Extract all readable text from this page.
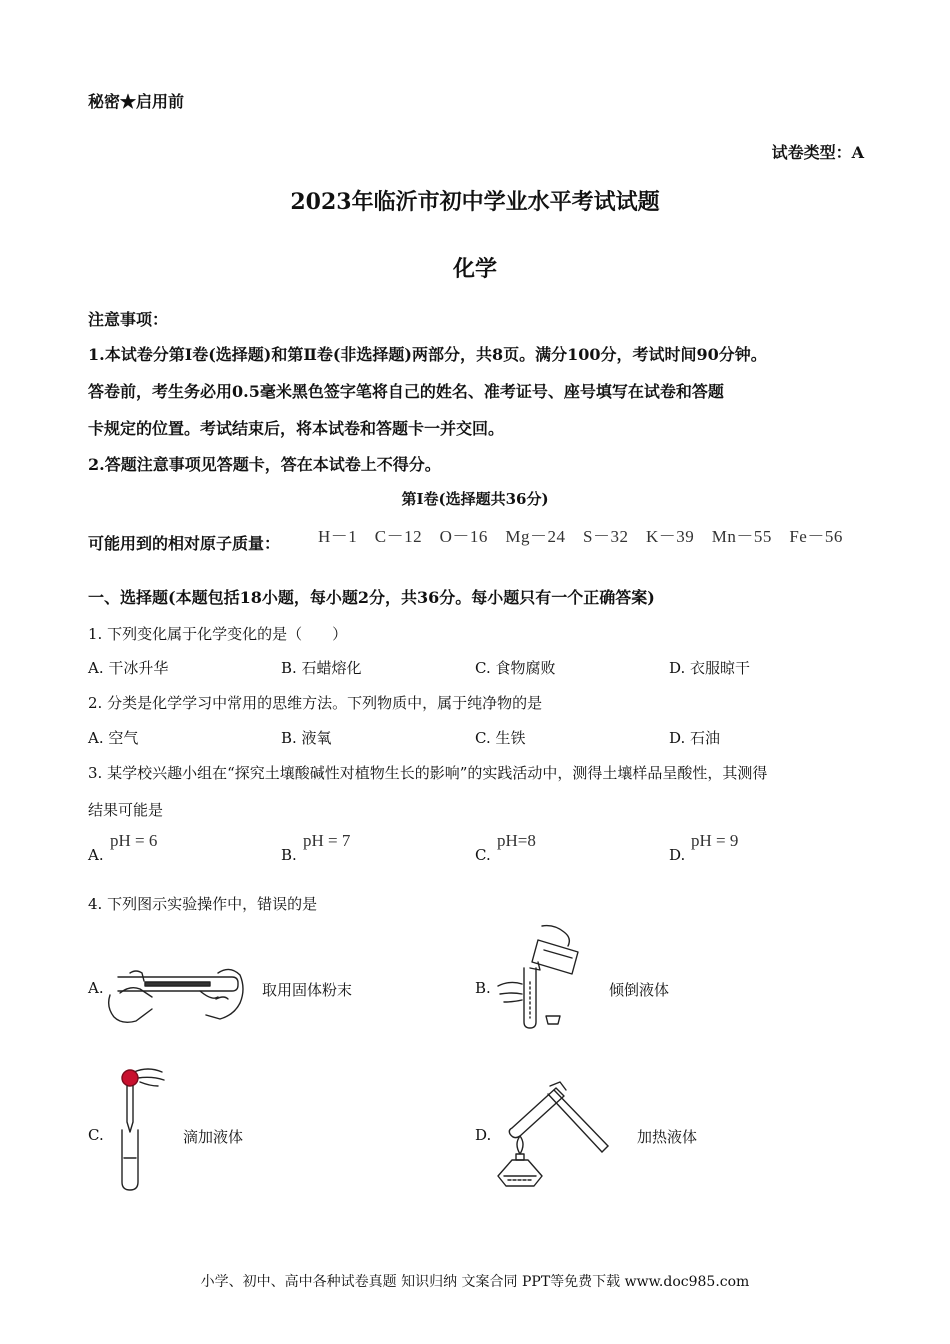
秘密★启用前
试卷类型：A
2023年临沂市初中学业水平考试试题
化学
注意事项：
1.本试卷分第Ⅰ卷(选择题)和第Ⅱ卷(非选择题)两部分，共8页。满分100分，考试时间90分钟。
答卷前，考生务必用0.5毫米黑色签字笔将自己的姓名、准考证号、座号填写在试卷和答题
卡规定的位置。考试结束后，将本试卷和答题卡一并交回。
2.答题注意事项见答题卡，答在本试卷上不得分。
第Ⅰ卷(选择题共36分)
可能用到的相对原子质量： H－1　C－12　O－16　Mg－24　S－32　K－39　Mn－55　Fe－56
一、选择题(本题包括18小题，每小题2分，共36分。每小题只有一个正确答案)
1. 下列变化属于化学变化的是（　　）
A. 干冰升华	B. 石蜡熔化	C. 食物腐败	D. 衣服晾干
2. 分类是化学学习中常用的思维方法。下列物质中，属于纯净物的是
A. 空气	B. 液氧	C. 生铁	D. 石油
3. 某学校兴趣小组在“探究土壤酸碱性对植物生长的影响”的实践活动中，测得土壤样品呈酸性，其测得
结果可能是
A.
pH = 6
B.
pH = 7
C.
pH=8
D.
pH = 9
4. 下列图示实验操作中，错误的是
A.	取用固体粉末	B.	倾倒液体
C.	滴加液体	D.	加热液体
小学、初中、高中各种试卷真题 知识归纳 文案合同 PPT等免费下载 www.doc985.com
